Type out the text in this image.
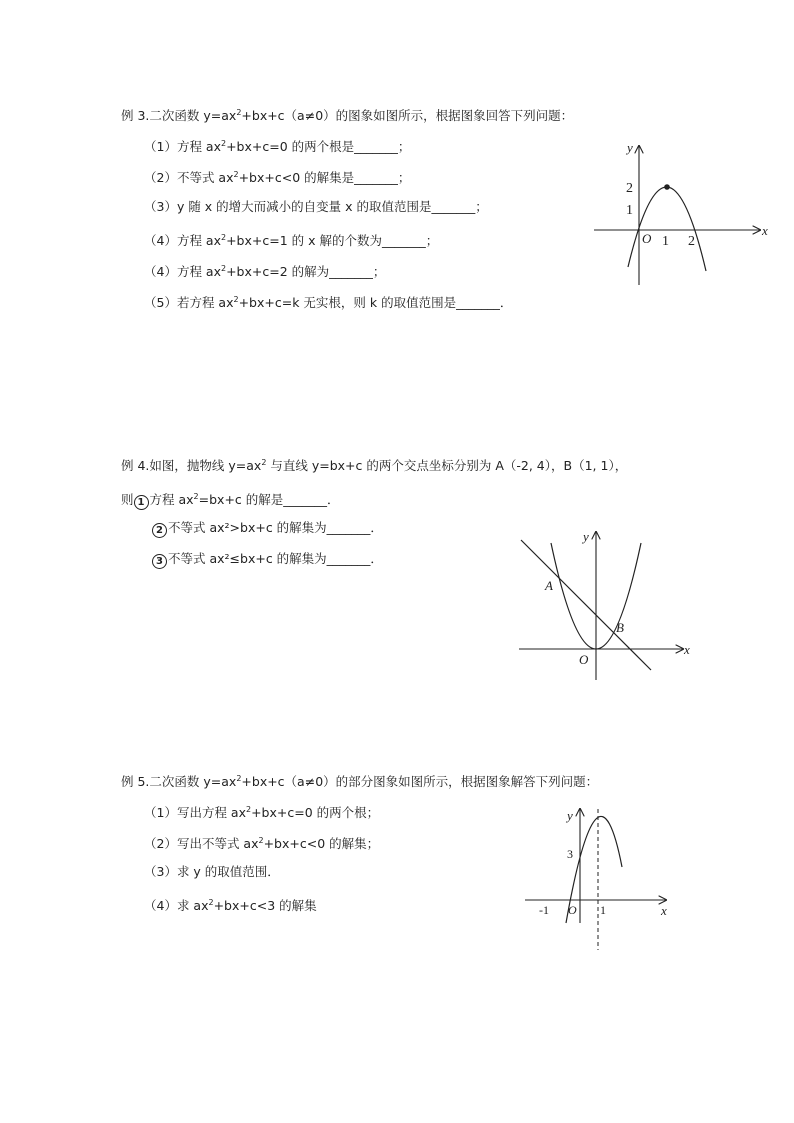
例 3.二次函数 $y=ax^2+bx+c(a\ne 0)$的图象如图所示，根据图象回答下列问题：
（1）方程 $ax^2+bx+c=0$ 的两个根是_______；
（2）不等式 $ax^2+bx+c<0$ 的解集是_______；
（3）y 随 x 的增大而减小的自变量 x 的取值范围是_______；
（4）方程 $ax^2+bx+c=1$ 的 x 解的个数为_______；
（4）方程 $ax^2+bx+c=2$ 的解为_______；
（5）若方程 $ax^2+bx+c=k$ 无实根，则 k 的取值范围是_______．
x
y
O 1 2
1
2
例 4.如图，抛物线 $y=ax^2$ 与直线 y=bx+c 的两个交点坐标分别为 A（-2, 4），B（1, 1），
则 1 方程 $ax^2=bx+c$ 的解是_______．
2 不等式 ax²>bx+c 的解集为_______．
3 不等式 ax²≤bx+c 的解集为_______．
x
y
O
A
B
例 5.二次函数 $y=ax^2+bx+c(a\ne 0)$的部分图象如图所示，根据图象解答下列问题：
（1）写出方程 $ax^2+bx+c=0$ 的两个根；
（2）写出不等式 $ax^2+bx+c<0$ 的解集；
（3）求 y 的取值范围．
（4）求 $ax^2+bx+c<3$ 的解集	x
y
O
-1	1
3
